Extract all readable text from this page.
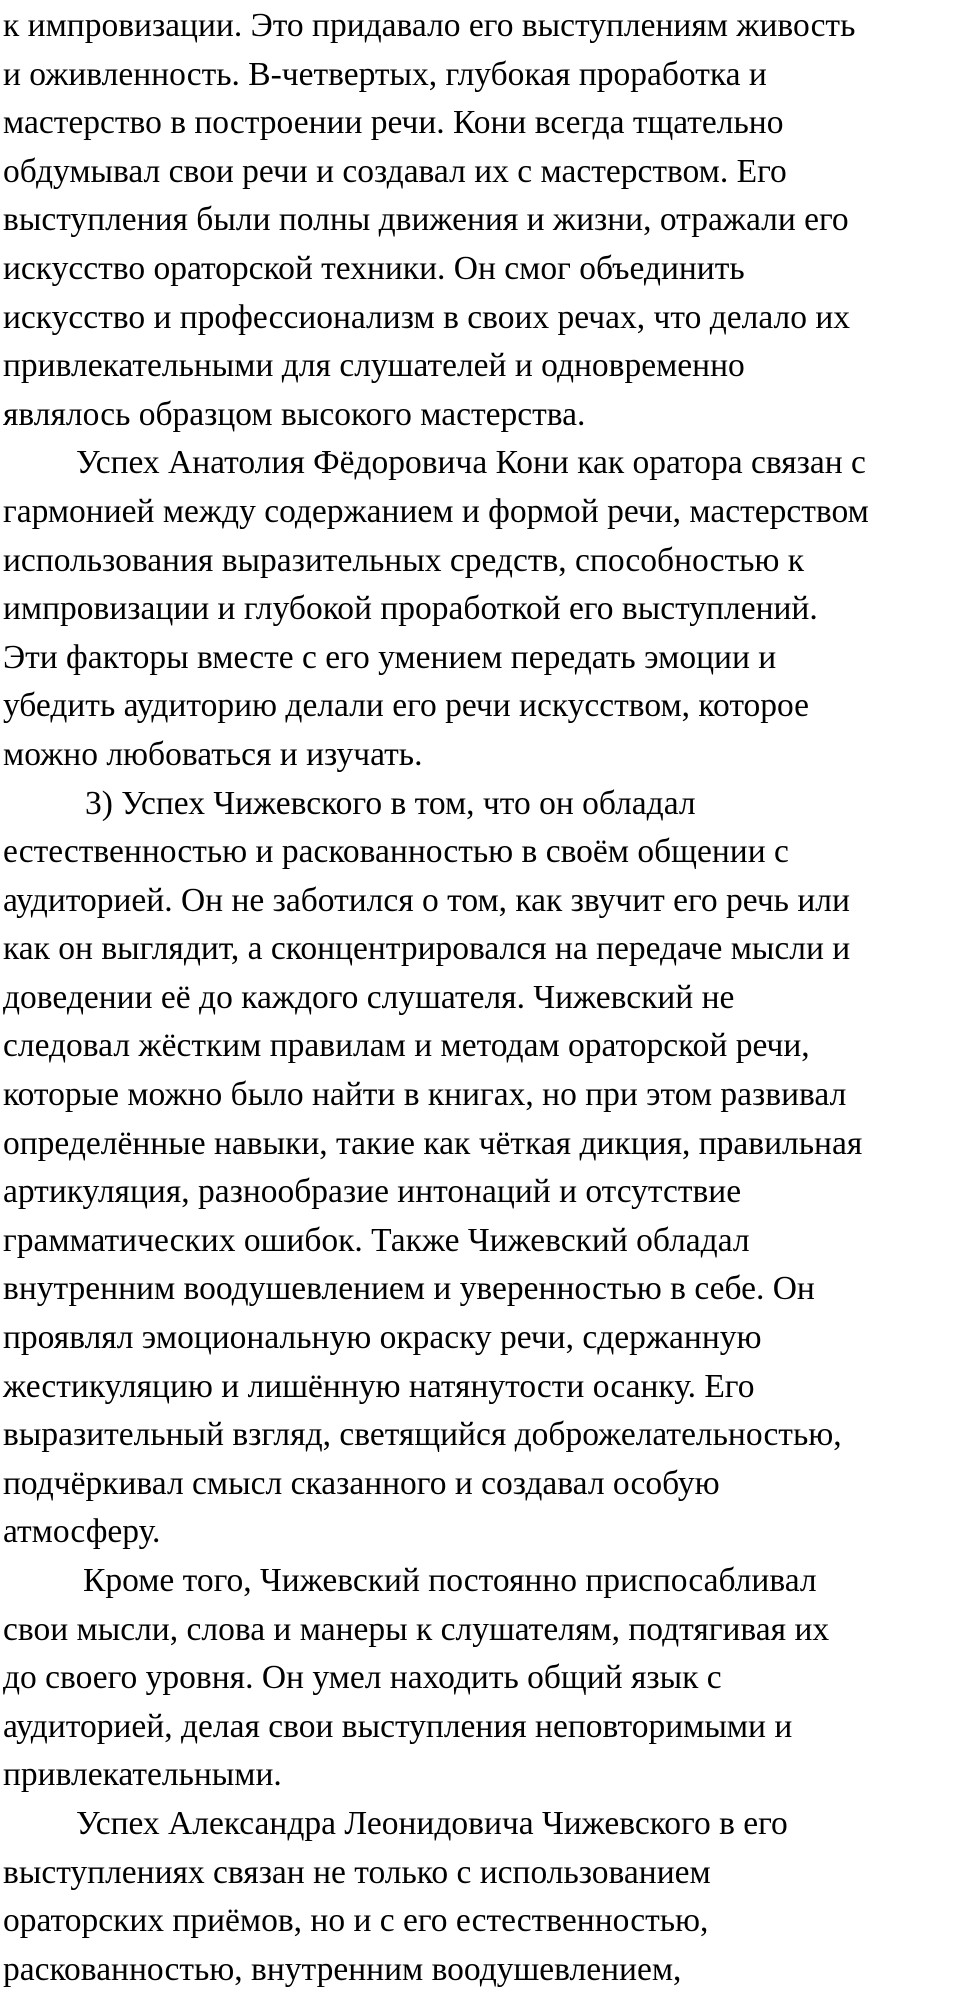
к импровизации. Это придавало его выступлениям живость
и оживленность. В-четвертых, глубокая проработка и
мастерство в построении речи. Кони всегда тщательно
обдумывал свои речи и создавал их с мастерством. Его
выступления были полны движения и жизни, отражали его
искусство ораторской техники. Он смог объединить
искусство и профессионализм в своих речах, что делало их
привлекательными для слушателей и одновременно
являлось образцом высокого мастерства.
Успех Анатолия Фёдоровича Кони как оратора связан с
гармонией между содержанием и формой речи, мастерством
использования выразительных средств, способностью к
импровизации и глубокой проработкой его выступлений.
Эти факторы вместе с его умением передать эмоции и
убедить аудиторию делали его речи искусством, которое
можно любоваться и изучать.
3) Успех Чижевского в том, что он обладал
естественностью и раскованностью в своём общении с
аудиторией. Он не заботился о том, как звучит его речь или
как он выглядит, а сконцентрировался на передаче мысли и
доведении её до каждого слушателя. Чижевский не
следовал жёстким правилам и методам ораторской речи,
которые можно было найти в книгах, но при этом развивал
определённые навыки, такие как чёткая дикция, правильная
артикуляция, разнообразие интонаций и отсутствие
грамматических ошибок. Также Чижевский обладал
внутренним воодушевлением и уверенностью в себе. Он
проявлял эмоциональную окраску речи, сдержанную
жестикуляцию и лишённую натянутости осанку. Его
выразительный взгляд, светящийся доброжелательностью,
подчёркивал смысл сказанного и создавал особую
атмосферу.
Кроме того, Чижевский постоянно приспосабливал
свои мысли, слова и манеры к слушателям, подтягивая их
до своего уровня. Он умел находить общий язык с
аудиторией, делая свои выступления неповторимыми и
привлекательными.
Успех Александра Леонидовича Чижевского в его
выступлениях связан не только с использованием
ораторских приёмов, но и с его естественностью,
раскованностью, внутренним воодушевлением,
